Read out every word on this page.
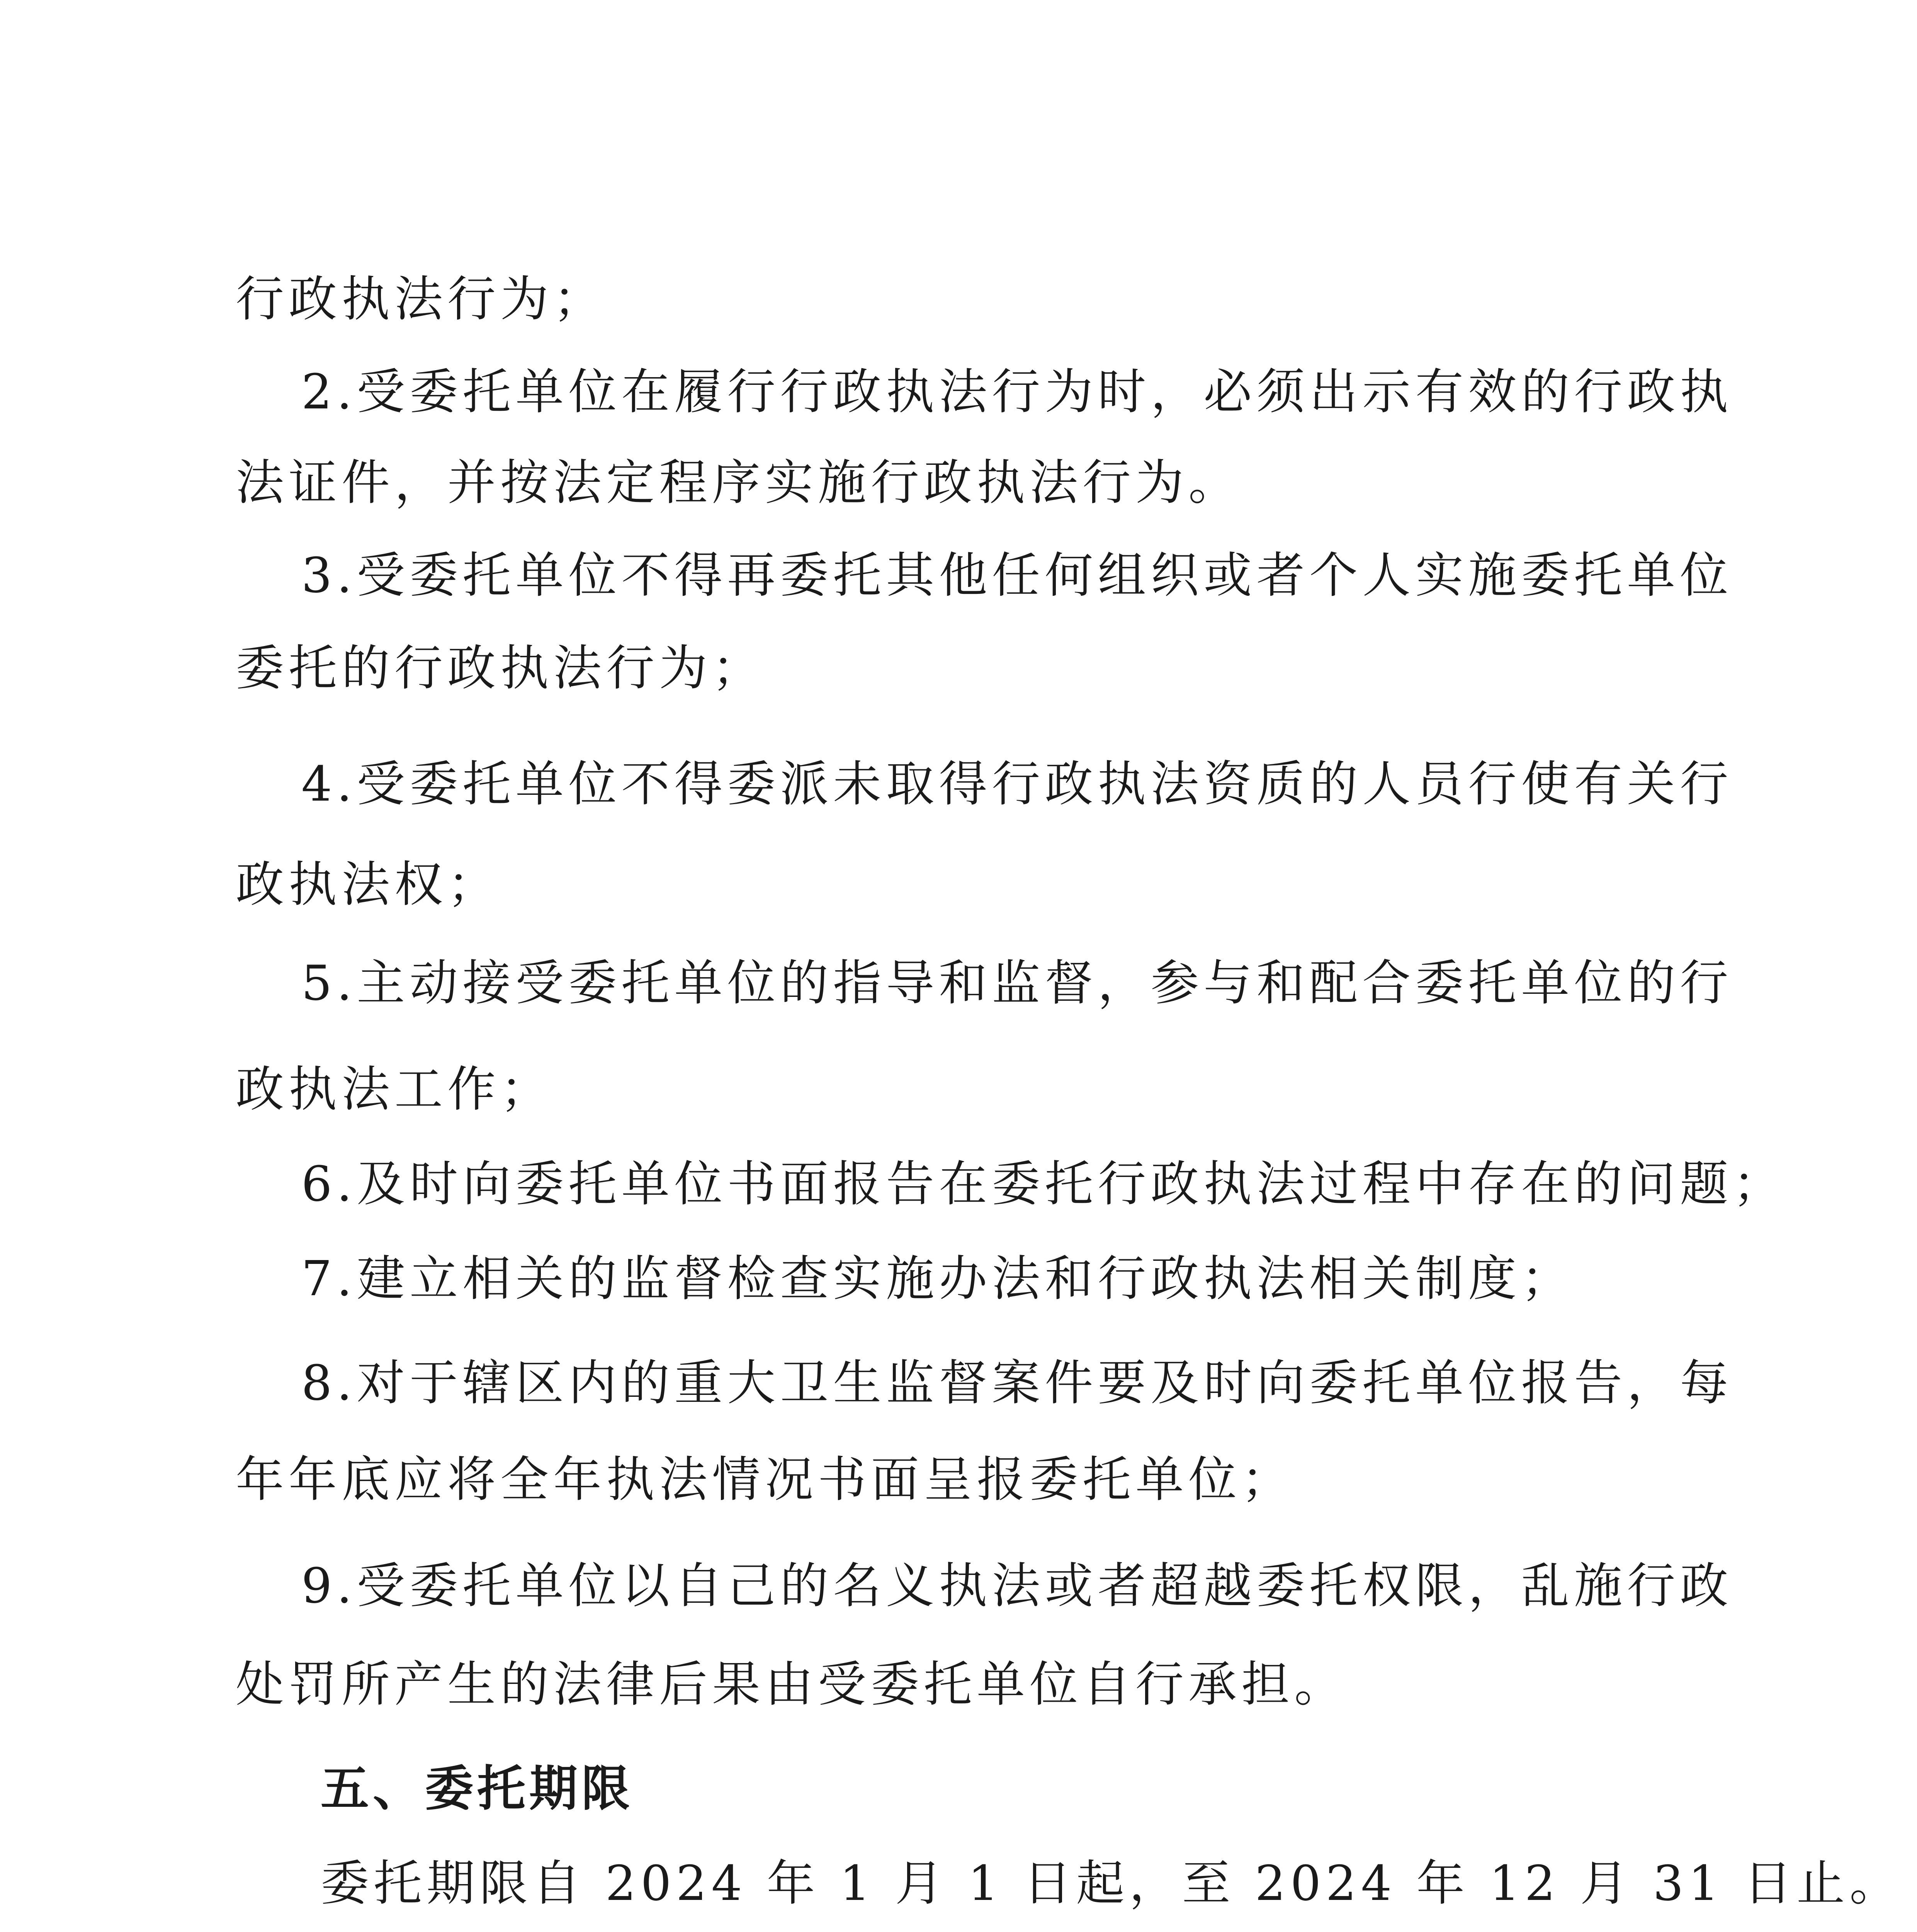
行政执法行为；
2.受委托单位在履行行政执法行为时，必须出示有效的行政执
法证件，并按法定程序实施行政执法行为。
3.受委托单位不得再委托其他任何组织或者个人实施委托单位
委托的行政执法行为；
4.受委托单位不得委派未取得行政执法资质的人员行使有关行
政执法权；
5.主动接受委托单位的指导和监督，参与和配合委托单位的行
政执法工作；
6.及时向委托单位书面报告在委托行政执法过程中存在的问题；
7.建立相关的监督检查实施办法和行政执法相关制度；
8.对于辖区内的重大卫生监督案件要及时向委托单位报告，每
年年底应将全年执法情况书面呈报委托单位；
9.受委托单位以自己的名义执法或者超越委托权限，乱施行政
处罚所产生的法律后果由受委托单位自行承担。
五、委托期限
委托期限自 2024 年 1 月 1 日起，至 2024 年 12 月 31 日止。
